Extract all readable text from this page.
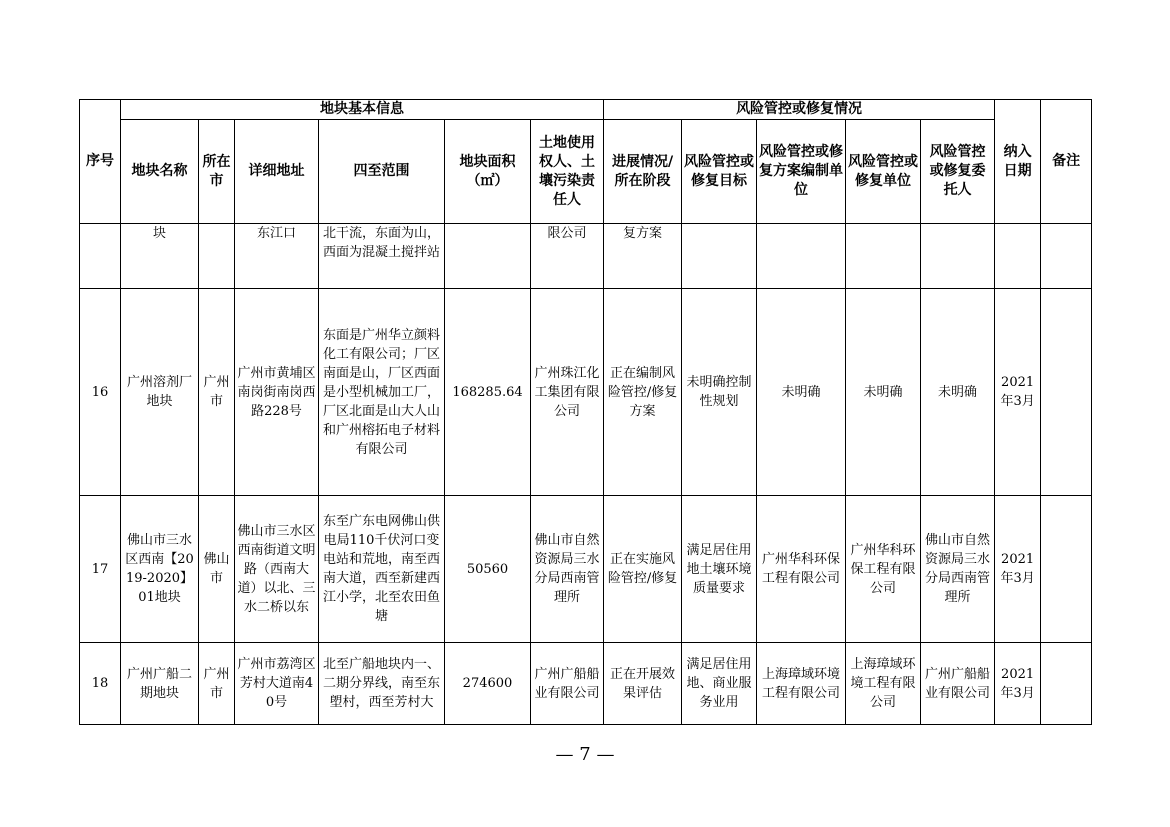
序号	地块基本信息						风险管控或修复情况					纳入日期	备注
	地块名称	所在市	详细地址	四至范围	地块面积（㎡）	土地使用权人、土壤污染责任人	进展情况/所在阶段	风险管控或修复目标	风险管控或修复方案编制单位	风险管控或修复单位	风险管控或修复委托人		
	块		东江口	北干流，东面为山，西面为混凝土搅拌站		限公司	复方案						
16	广州溶剂厂地块	广州市	广州市黄埔区南岗街南岗西路228号	东面是广州华立颜料化工有限公司；厂区南面是山，厂区西面是小型机械加工厂，厂区北面是山大人山和广州榕拓电子材料有限公司	168285.64	广州珠江化工集团有限公司	正在编制风险管控/修复方案	未明确控制性规划	未明确	未明确	未明确	2021年3月	
17	佛山市三水区西南【2019-2020】01地块	佛山市	佛山市三水区西南街道文明路（西南大道）以北、三水二桥以东	东至广东电网佛山供电局110千伏河口变电站和荒地，南至西南大道，西至新建西江小学，北至农田鱼塘	50560	佛山市自然资源局三水分局西南管理所	正在实施风险管控/修复	满足居住用地土壤环境质量要求	广州华科环保工程有限公司	广州华科环保工程有限公司	佛山市自然资源局三水分局西南管理所	2021年3月	
18	广州广船二期地块	广州市	广州市荔湾区芳村大道南40号	北至广船地块内一、二期分界线，南至东塱村，西至芳村大	274600	广州广船船业有限公司	正在开展效果评估	满足居住用地、商业服务业用	上海璋域环境工程有限公司	上海璋域环境工程有限公司	广州广船船业有限公司	2021年3月	
— 7 —
